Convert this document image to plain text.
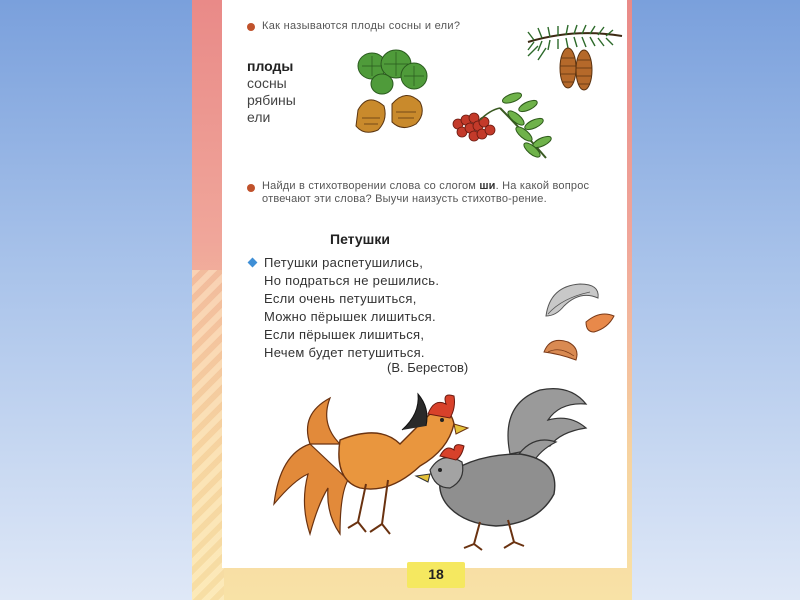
Как называются плоды сосны и ели?
плоды
сосны
рябины
ели
Найди в стихотворении слова со слогом ши. На какой вопрос отвечают эти слова? Выучи наизусть стихотво-рение.
Петушки
Петушки распетушились,
Но подраться не решились.
Если очень петушиться,
Можно пёрышек лишиться.
Если пёрышек лишиться,
Нечем будет петушиться.
(В. Берестов)
18
